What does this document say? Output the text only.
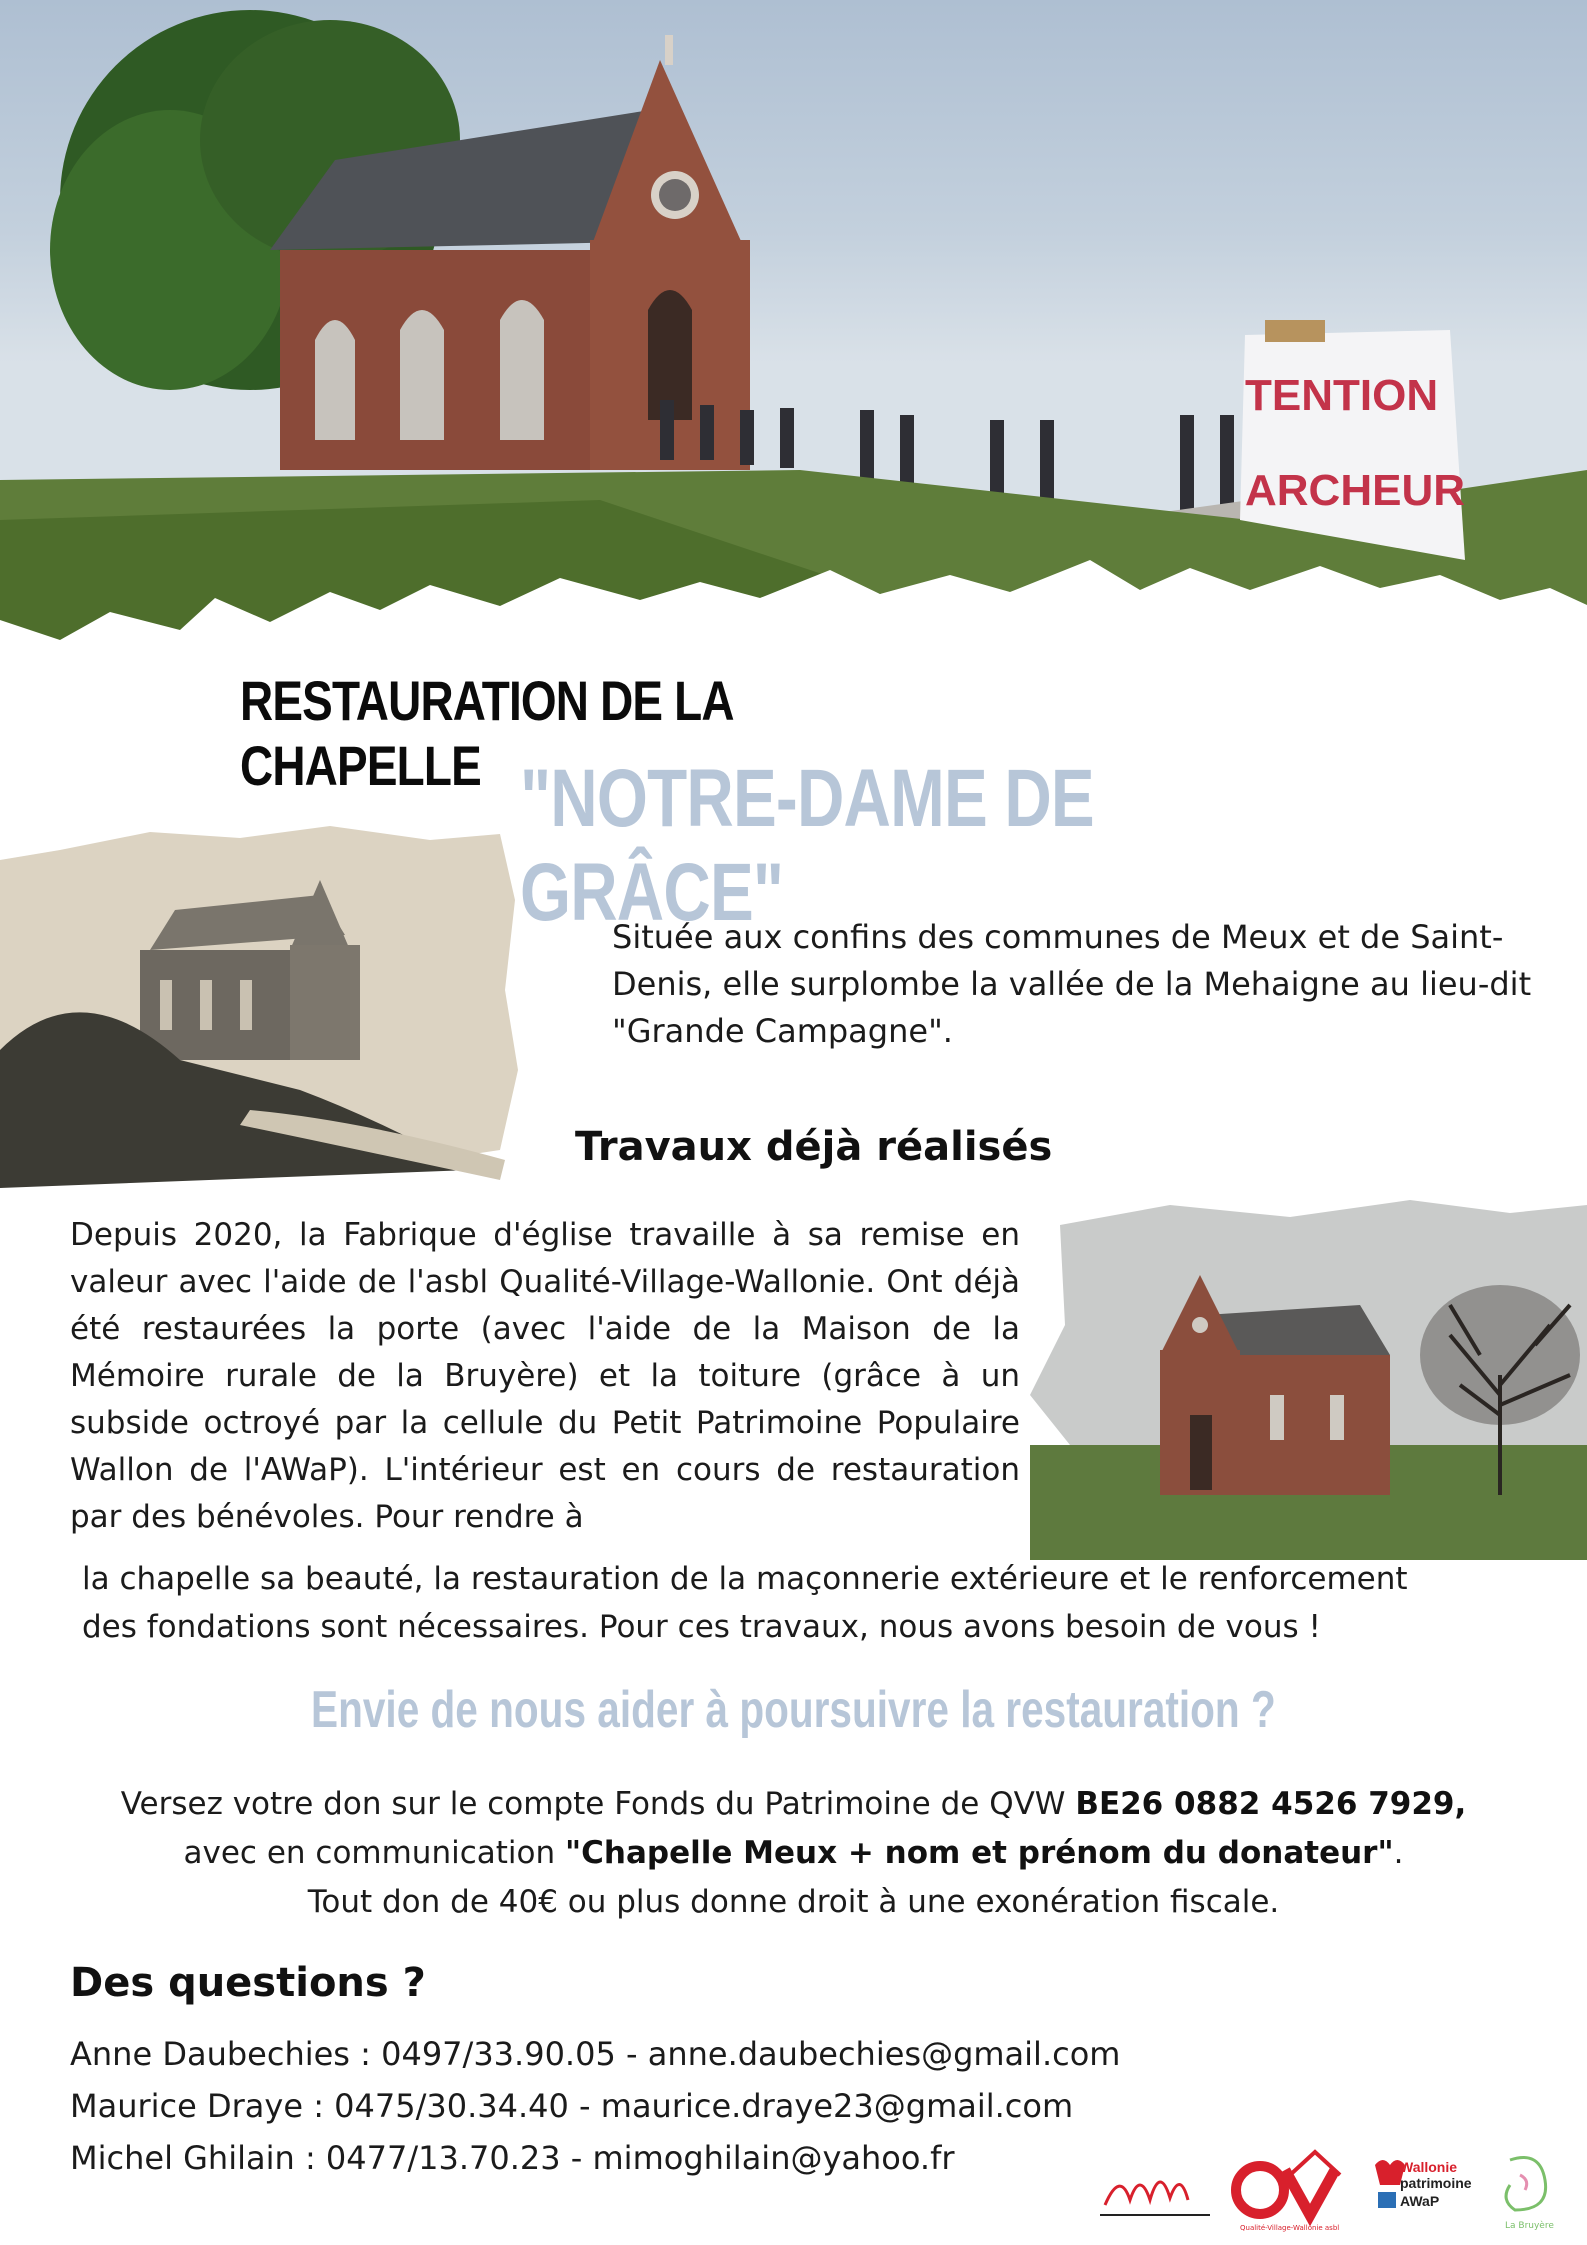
TENTION
ARCHEUR
RESTAURATION DE LA CHAPELLE "NOTRE-DAME DE GRÂCE"
Située aux confins des communes de Meux et de Saint-Denis, elle surplombe la vallée de la Mehaigne au lieu-dit "Grande Campagne".
Travaux déjà réalisés
Depuis 2020, la Fabrique d'église travaille à sa remise en valeur avec l'aide de l'asbl Qualité-Village-Wallonie. Ont déjà été restaurées la porte (avec l'aide de la Maison de la Mémoire rurale de la Bruyère) et la toiture (grâce à un subside octroyé par la cellule du Petit Patrimoine Populaire Wallon de l'AWaP). L'intérieur est en cours de restauration par des bénévoles. Pour rendre à
la chapelle sa beauté, la restauration de la maçonnerie extérieure et le renforcement
des fondations sont nécessaires. Pour ces travaux, nous avons besoin de vous !
Envie de nous aider à poursuivre la restauration ?
Versez votre don sur le compte Fonds du Patrimoine de QVW BE26 0882 4526 7929,
avec en communication "Chapelle Meux + nom et prénom du donateur".
Tout don de 40€ ou plus donne droit à une exonération fiscale.
Des questions ?
Anne Daubechies : 0497/33.90.05 - anne.daubechies@gmail.com
Maurice Draye : 0475/30.34.40 - maurice.draye23@gmail.com
Michel Ghilain : 0477/13.70.23 - mimoghilain@yahoo.fr
Qualité-Village-Wallonie asbl
Wallonie
patrimoine
AWaP
La Bruyère
